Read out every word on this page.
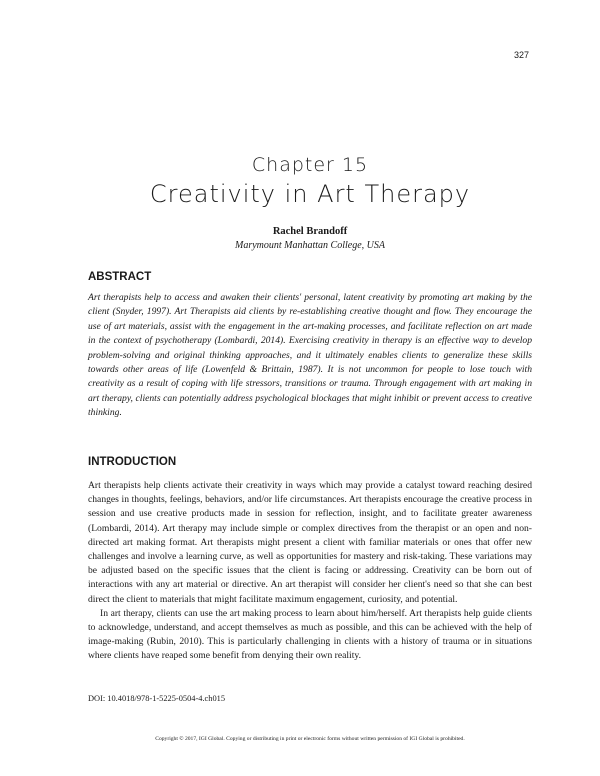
327
Chapter 15
Creativity in Art Therapy
Rachel Brandoff
Marymount Manhattan College, USA
ABSTRACT
Art therapists help to access and awaken their clients' personal, latent creativity by promoting art making by the client (Snyder, 1997). Art Therapists aid clients by re-establishing creative thought and flow. They encourage the use of art materials, assist with the engagement in the art-making processes, and facilitate reflection on art made in the context of psychotherapy (Lombardi, 2014). Exercising creativity in therapy is an effective way to develop problem-solving and original thinking approaches, and it ultimately enables clients to generalize these skills towards other areas of life (Lowenfeld & Brittain, 1987). It is not uncommon for people to lose touch with creativity as a result of coping with life stressors, transitions or trauma. Through engagement with art making in art therapy, clients can potentially address psychological blockages that might inhibit or prevent access to creative thinking.
INTRODUCTION

Art therapists help clients activate their creativity in ways which may provide a catalyst toward reaching desired changes in thoughts, feelings, behaviors, and/or life circumstances. Art therapists encourage the creative process in session and use creative products made in session for reflection, insight, and to facilitate greater awareness (Lombardi, 2014). Art therapy may include simple or complex directives from the therapist or an open and non-directed art making format. Art therapists might present a client with familiar materials or ones that offer new challenges and involve a learning curve, as well as opportunities for mastery and risk-taking. These variations may be adjusted based on the specific issues that the client is facing or addressing. Creativity can be born out of interactions with any art material or directive. An art therapist will consider her client's need so that she can best direct the client to materials that might facilitate maximum engagement, curiosity, and potential.

In art therapy, clients can use the art making process to learn about him/herself. Art therapists help guide clients to acknowledge, understand, and accept themselves as much as possible, and this can be achieved with the help of image-making (Rubin, 2010). This is particularly challenging in clients with a history of trauma or in situations where clients have reaped some benefit from denying their own reality.

DOI: 10.4018/978-1-5225-0504-4.ch015
Copyright © 2017, IGI Global. Copying or distributing in print or electronic forms without written permission of IGI Global is prohibited.
